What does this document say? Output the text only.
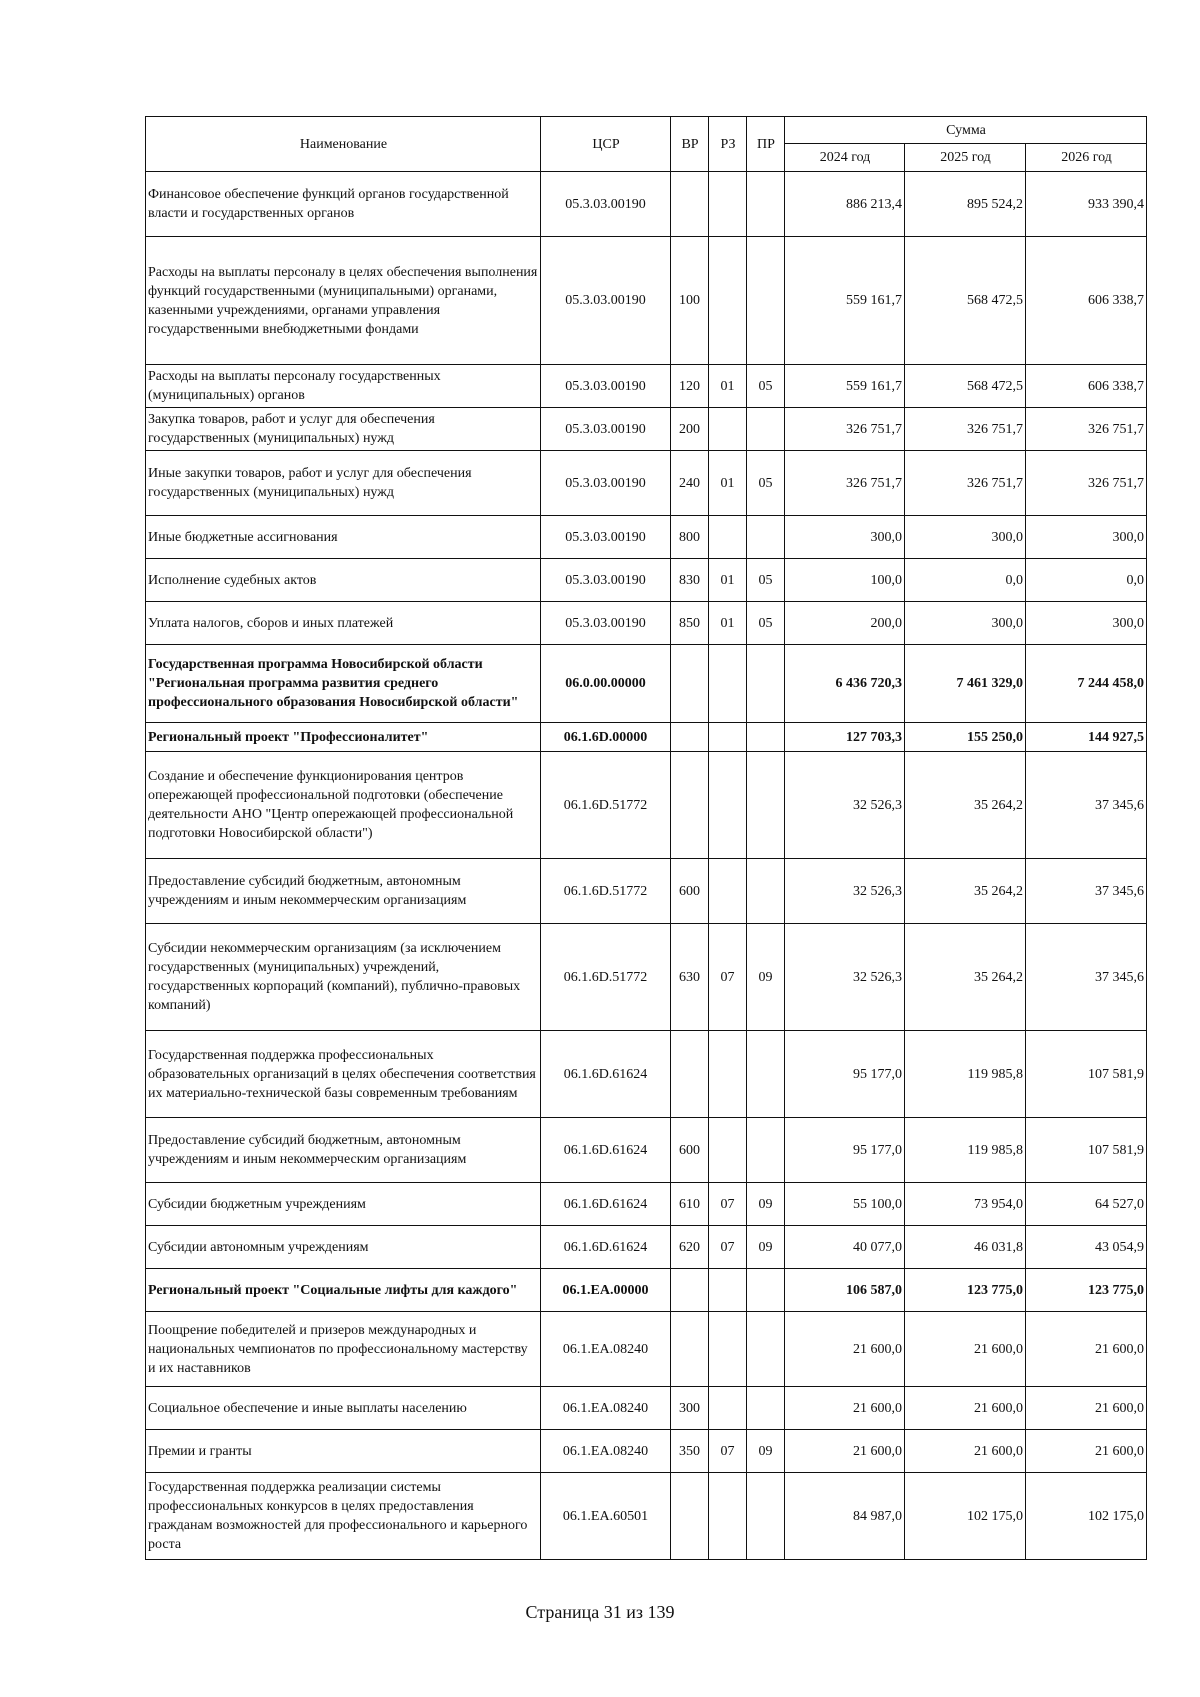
Наименование	ЦСР	ВР	РЗ	ПР	Сумма		
					2024 год	2025 год	2026 год
Финансовое обеспечение функций органов государственной власти и государственных органов	05.3.03.00190				886 213,4	895 524,2	933 390,4
Расходы на выплаты персоналу в целях обеспечения выполнения функций государственными (муниципальными) органами, казенными учреждениями, органами управления государственными внебюджетными фондами	05.3.03.00190	100			559 161,7	568 472,5	606 338,7
Расходы на выплаты персоналу государственных (муниципальных) органов	05.3.03.00190	120	01	05	559 161,7	568 472,5	606 338,7
Закупка товаров, работ и услуг для обеспечения государственных (муниципальных) нужд	05.3.03.00190	200			326 751,7	326 751,7	326 751,7
Иные закупки товаров, работ и услуг для обеспечения государственных (муниципальных) нужд	05.3.03.00190	240	01	05	326 751,7	326 751,7	326 751,7
Иные бюджетные ассигнования	05.3.03.00190	800			300,0	300,0	300,0
Исполнение судебных актов	05.3.03.00190	830	01	05	100,0	0,0	0,0
Уплата налогов, сборов и иных платежей	05.3.03.00190	850	01	05	200,0	300,0	300,0
Государственная программа Новосибирской области "Региональная программа развития среднего профессионального образования Новосибирской области"	06.0.00.00000				6 436 720,3	7 461 329,0	7 244 458,0
Региональный проект "Профессионалитет"	06.1.6D.00000				127 703,3	155 250,0	144 927,5
Создание и обеспечение функционирования центров опережающей профессиональной подготовки (обеспечение деятельности АНО "Центр опережающей профессиональной подготовки Новосибирской области")	06.1.6D.51772				32 526,3	35 264,2	37 345,6
Предоставление субсидий бюджетным, автономным учреждениям и иным некоммерческим организациям	06.1.6D.51772	600			32 526,3	35 264,2	37 345,6
Субсидии некоммерческим организациям (за исключением государственных (муниципальных) учреждений, государственных корпораций (компаний), публично-правовых компаний)	06.1.6D.51772	630	07	09	32 526,3	35 264,2	37 345,6
Государственная поддержка профессиональных образовательных организаций в целях обеспечения соответствия их материально-технической базы современным требованиям	06.1.6D.61624				95 177,0	119 985,8	107 581,9
Предоставление субсидий бюджетным, автономным учреждениям и иным некоммерческим организациям	06.1.6D.61624	600			95 177,0	119 985,8	107 581,9
Субсидии бюджетным учреждениям	06.1.6D.61624	610	07	09	55 100,0	73 954,0	64 527,0
Субсидии автономным учреждениям	06.1.6D.61624	620	07	09	40 077,0	46 031,8	43 054,9
Региональный проект "Социальные лифты для каждого"	06.1.EA.00000				106 587,0	123 775,0	123 775,0
Поощрение победителей и призеров международных и национальных чемпионатов по профессиональному мастерству и их наставников	06.1.EA.08240				21 600,0	21 600,0	21 600,0
Социальное обеспечение и иные выплаты населению	06.1.EA.08240	300			21 600,0	21 600,0	21 600,0
Премии и гранты	06.1.EA.08240	350	07	09	21 600,0	21 600,0	21 600,0
Государственная поддержка реализации системы профессиональных конкурсов в целях предоставления гражданам возможностей для профессионального и карьерного роста	06.1.EA.60501				84 987,0	102 175,0	102 175,0
Страница 31 из 139
